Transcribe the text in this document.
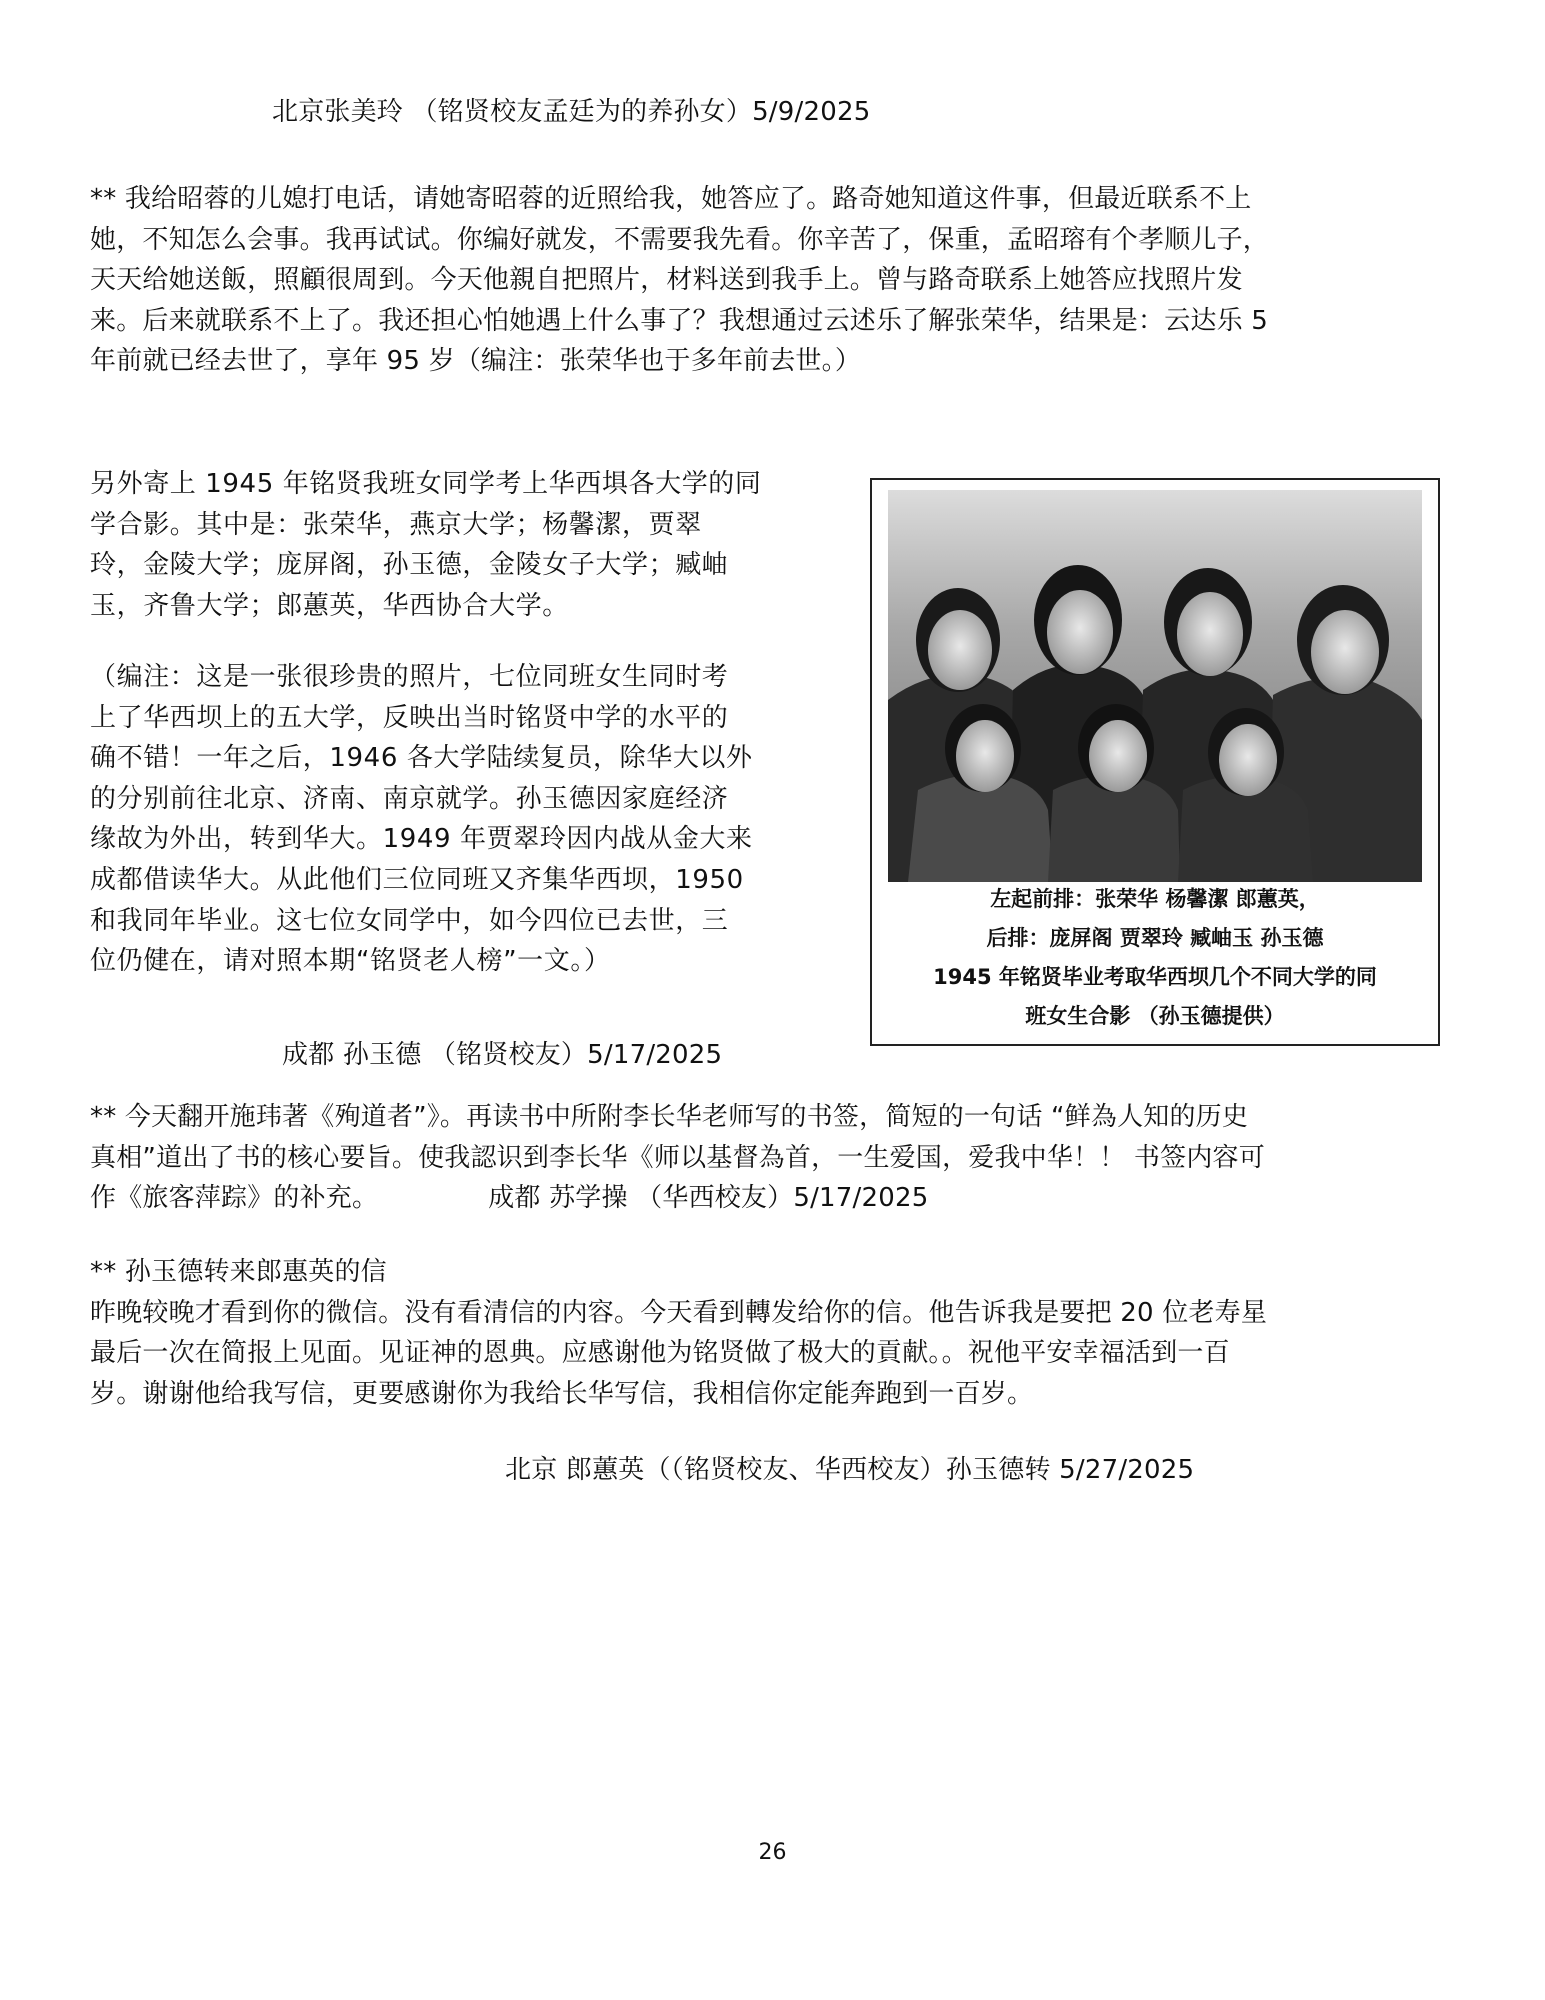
北京张美玲 （铭贤校友孟廷为的养孙女）5/9/2025
** 我给昭蓉的儿媳打电话，请她寄昭蓉的近照给我，她答应了。路奇她知道这件事，但最近联系不上
她，不知怎么会事。我再试试。你编好就发，不需要我先看。你辛苦了，保重，孟昭瑢有个孝顺儿子，
天天给她送飯，照顧很周到。今天他親自把照片，材料送到我手上。曾与路奇联系上她答应找照片发
来。后来就联系不上了。我还担心怕她遇上什么事了？我想通过云述乐了解张荣华，结果是：云达乐 5
年前就已经去世了，享年 95 岁（编注：张荣华也于多年前去世。）
另外寄上 1945 年铭贤我班女同学考上华西埧各大学的同
学合影。其中是：张荣华，燕京大学；杨馨潔，贾翠
玲，金陵大学；庞屏阁，孙玉德，金陵女子大学；臧岫
玉，齐鲁大学；郎蕙英，华西协合大学。
（编注：这是一张很珍贵的照片，七位同班女生同时考
上了华西坝上的五大学，反映出当时铭贤中学的水平的
确不错！一年之后，1946 各大学陆续复员，除华大以外
的分别前往北京、济南、南京就学。孙玉德因家庭经济
缘故为外出，转到华大。1949 年贾翠玲因内战从金大来
成都借读华大。从此他们三位同班又齐集华西坝，1950
和我同年毕业。这七位女同学中，如今四位已去世，三
位仍健在，请对照本期“铭贤老人榜”一文。）
成都 孙玉德 （铭贤校友）5/17/2025
左起前排：张荣华 杨馨潔 郎蕙英，
后排：庞屏阁 贾翠玲 臧岫玉 孙玉德
1945 年铭贤毕业考取华西坝几个不同大学的同
班女生合影 （孙玉德提供）
** 今天翻开施玮著《殉道者”》。再读书中所附李长华老师写的书签，简短的一句话 “鲜為人知的历史
真相”道出了书的核心要旨。使我認识到李长华《师以基督為首，一生爱国，爱我中华！！ 书签内容可
作《旅客萍踪》的补充。	成都 苏学操 （华西校友）5/17/2025
** 孙玉德转来郎惠英的信
昨晚较晚才看到你的微信。没有看清信的内容。今天看到轉发给你的信。他告诉我是要把 20 位老寿星
最后一次在简报上见面。见证神的恩典。应感谢他为铭贤做了极大的貢献。。祝他平安幸福活到一百
岁。谢谢他给我写信，更要感谢你为我给长华写信，我相信你定能奔跑到一百岁。
北京 郎蕙英（（铭贤校友、华西校友）孙玉德转 5/27/2025
26
